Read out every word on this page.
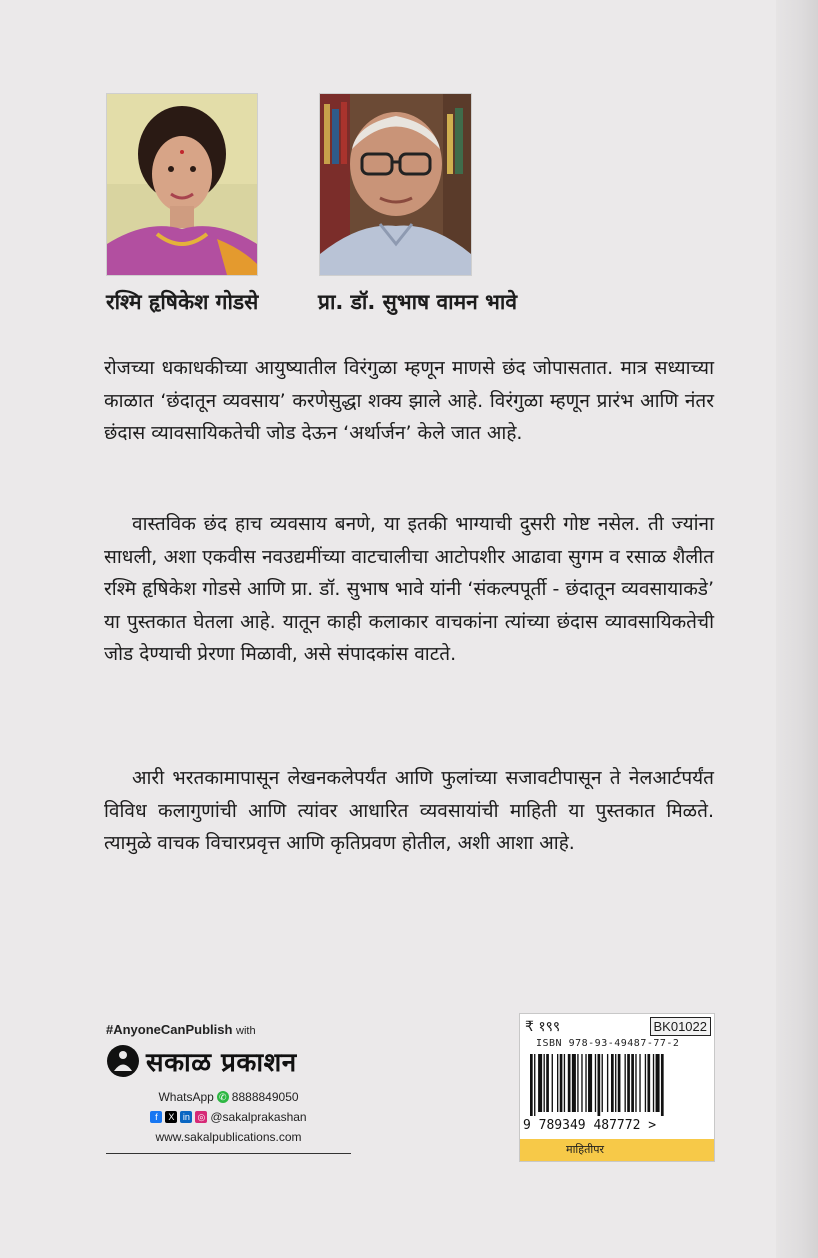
रश्मि हृषिकेश गोडसे	प्रा. डॉ. सुभाष वामन भावे

रोजच्या धकाधकीच्या आयुष्यातील विरंगुळा म्हणून माणसे छंद जोपासतात. मात्र सध्याच्या काळात ‘छंदातून व्यवसाय’ करणेसुद्धा शक्य झाले आहे. विरंगुळा म्हणून प्रारंभ आणि नंतर छंदास व्यावसायिकतेची जोड देऊन ‘अर्थार्जन’ केले जात आहे.

वास्तविक छंद हाच व्यवसाय बनणे, या इतकी भाग्याची दुसरी गोष्ट नसेल. ती ज्यांना साधली, अशा एकवीस नवउद्यमींच्या वाटचालीचा आटोपशीर आढावा सुगम व रसाळ शैलीत रश्मि हृषिकेश गोडसे आणि प्रा. डॉ. सुभाष भावे यांनी ‘संकल्पपूर्ती - छंदातून व्यवसायाकडे’ या पुस्तकात घेतला आहे. यातून काही कलाकार वाचकांना त्यांच्या छंदास व्यावसायिकतेची जोड देण्याची प्रेरणा मिळावी, असे संपादकांस वाटते.

आरी भरतकामापासून लेखनकलेपर्यंत आणि फुलांच्या सजावटीपासून ते नेलआर्टपर्यंत विविध कलागुणांची आणि त्यांवर आधारित व्यवसायांची माहिती या पुस्तकात मिळते. त्यामुळे वाचक विचारप्रवृत्त आणि कृतिप्रवण होतील, अशी आशा आहे.

#AnyoneCanPublish with
सकाळ प्रकाशन
WhatsApp ✆ 8888849050
f	X in ◎ @sakalprakashan
www.sakalpublications.com
₹ १९९	BK01022
ISBN 978-93-49487-77-2
9 789349 487772 >
माहितीपर
